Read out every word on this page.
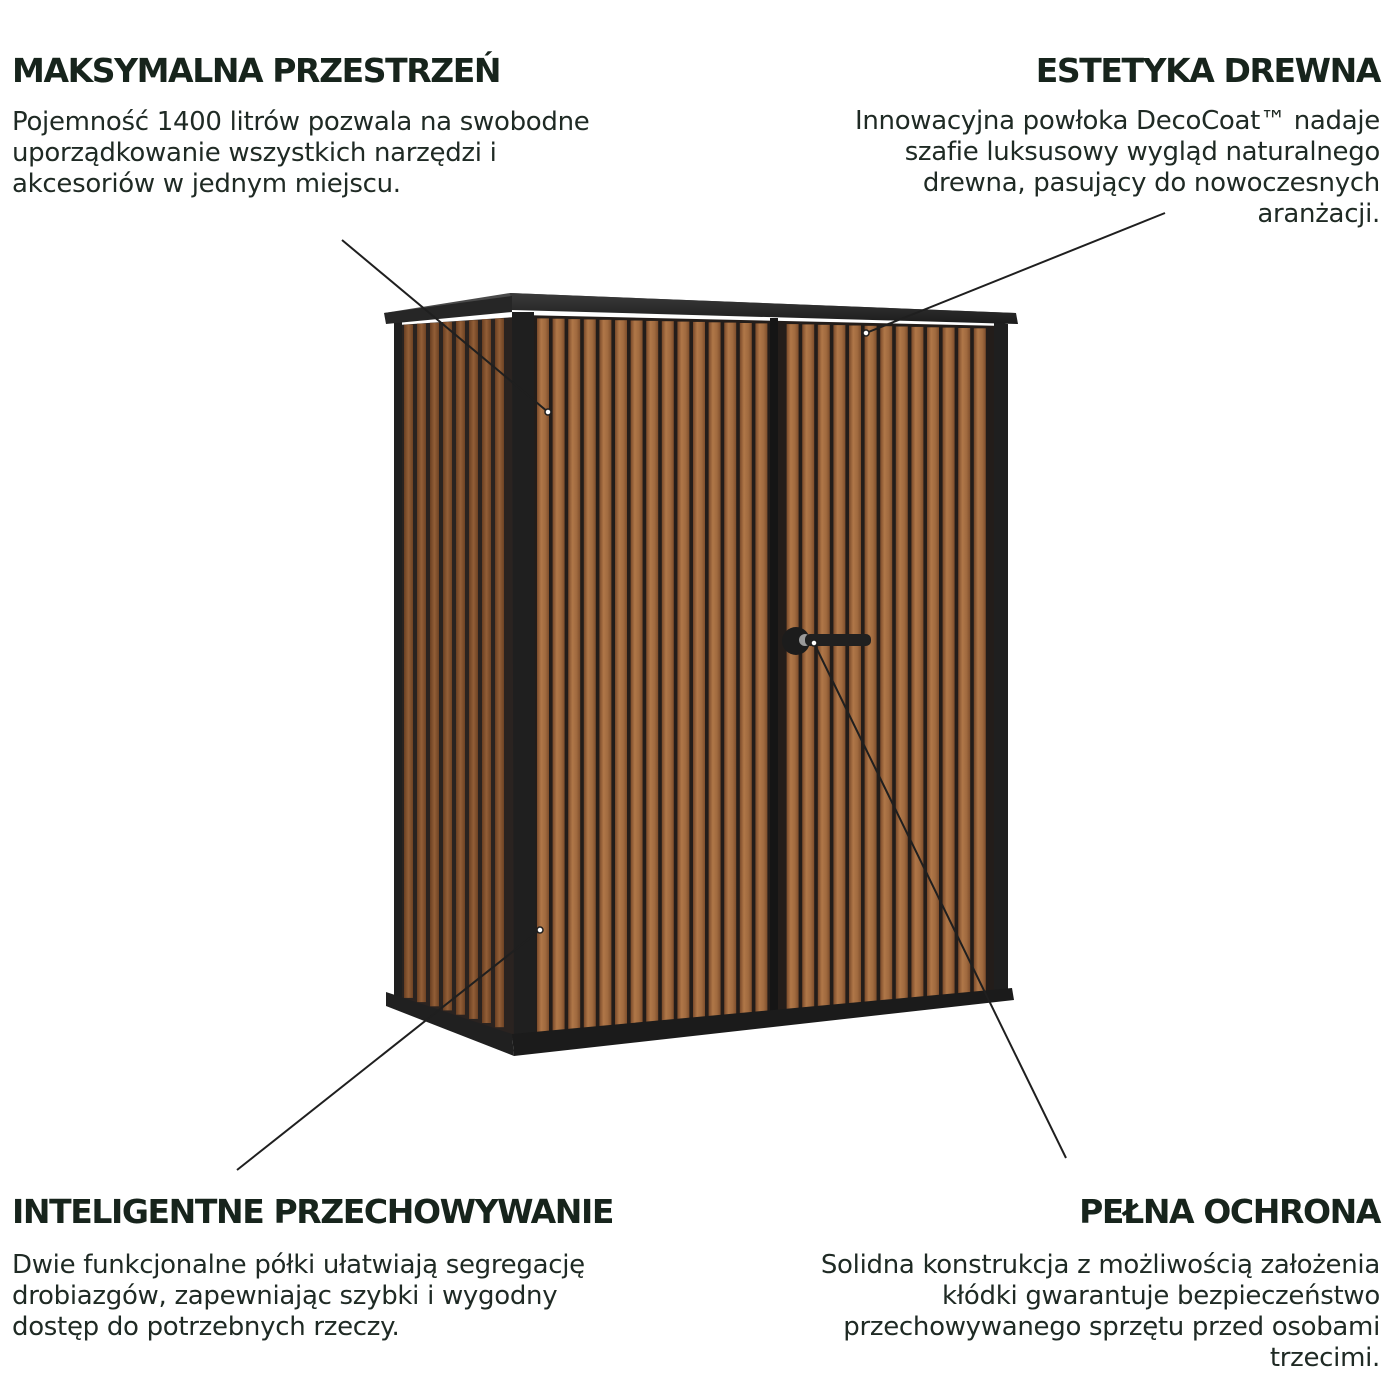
MAKSYMALNA PRZESTRZEŃ

Pojemność 1400 litrów pozwala na swobodne
uporządkowanie wszystkich narzędzi i
akcesoriów w jednym miejscu.

ESTETYKA DREWNA

Innowacyjna powłoka DecoCoat™ nadaje
szafie luksusowy wygląd naturalnego
drewna, pasujący do nowoczesnych
aranżacji.

INTELIGENTNE PRZECHOWYWANIE

Dwie funkcjonalne półki ułatwiają segregację
drobiazgów, zapewniając szybki i wygodny
dostęp do potrzebnych rzeczy.

PEŁNA OCHRONA

Solidna konstrukcja z możliwością założenia
kłódki gwarantuje bezpieczeństwo
przechowywanego sprzętu przed osobami
trzecimi.
